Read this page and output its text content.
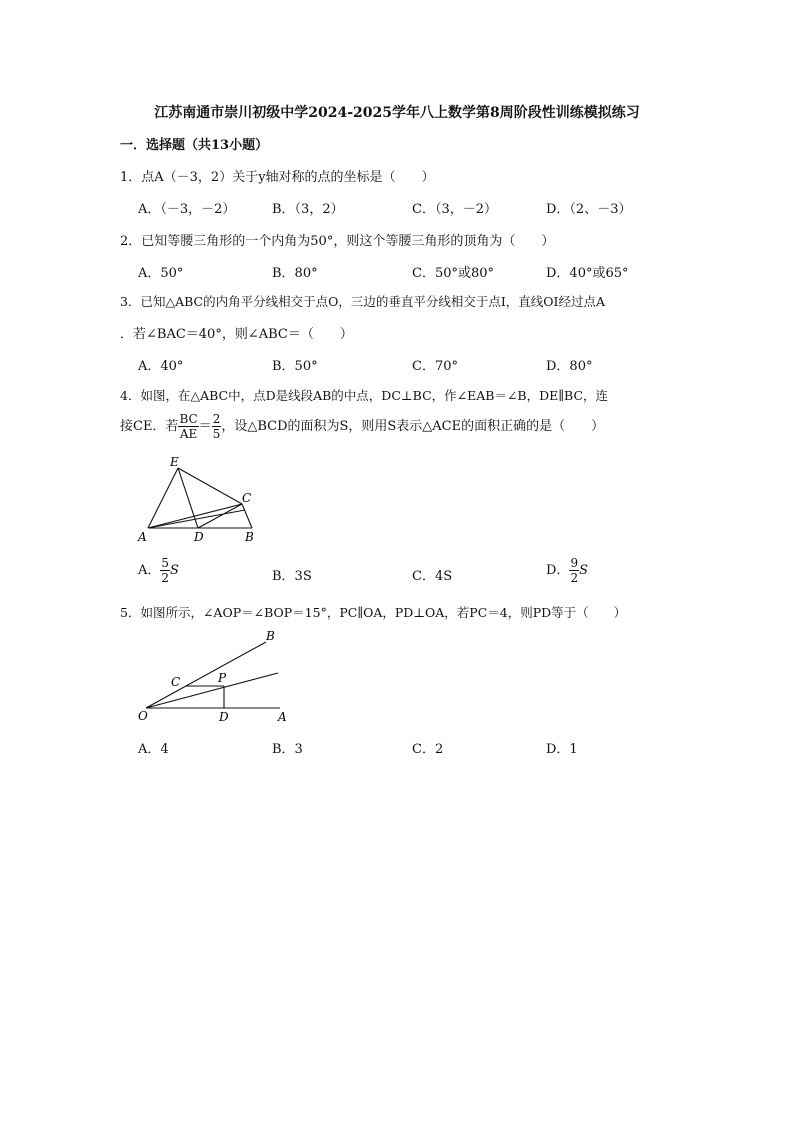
江苏南通市崇川初级中学2024-2025学年八上数学第8周阶段性训练模拟练习
一．选择题（共13小题）
1．点A（－3，2）关于y轴对称的点的坐标是（　　）
A．（－3，－2）	B．（3，2）	C．（3，－2）	D．（2、－3）
2．已知等腰三角形的一个内角为50°，则这个等腰三角形的顶角为（　　）
A．50°	B．80°	C．50°或80°	D．40°或65°
3．已知△ABC的内角平分线相交于点O，三边的垂直平分线相交于点I，直线OI经过点A
．若∠BAC＝40°，则∠ABC＝（　　）
A．40°	B．50°	C．70°	D．80°
4．如图，在△ABC中，点D是线段AB的中点，DC⊥BC，作∠EAB＝∠B，DE∥BC，连
接CE．若 $\frac{BC}{AE} = \frac{2}{5}$ ，设△BCD的面积为S，则用S表示△ACE的面积正确的是（　　）
E
C
A	D	B
A． $\frac{5}{2}$ S	B．3S	C．4S	D． $\frac{9}{2}$ S
5．如图所示，∠AOP＝∠BOP＝15°，PC∥OA，PD⊥OA，若PC＝4，则PD等于（　　）
B
C	P
O	D	A
A．4	B．3	C．2	D．1
